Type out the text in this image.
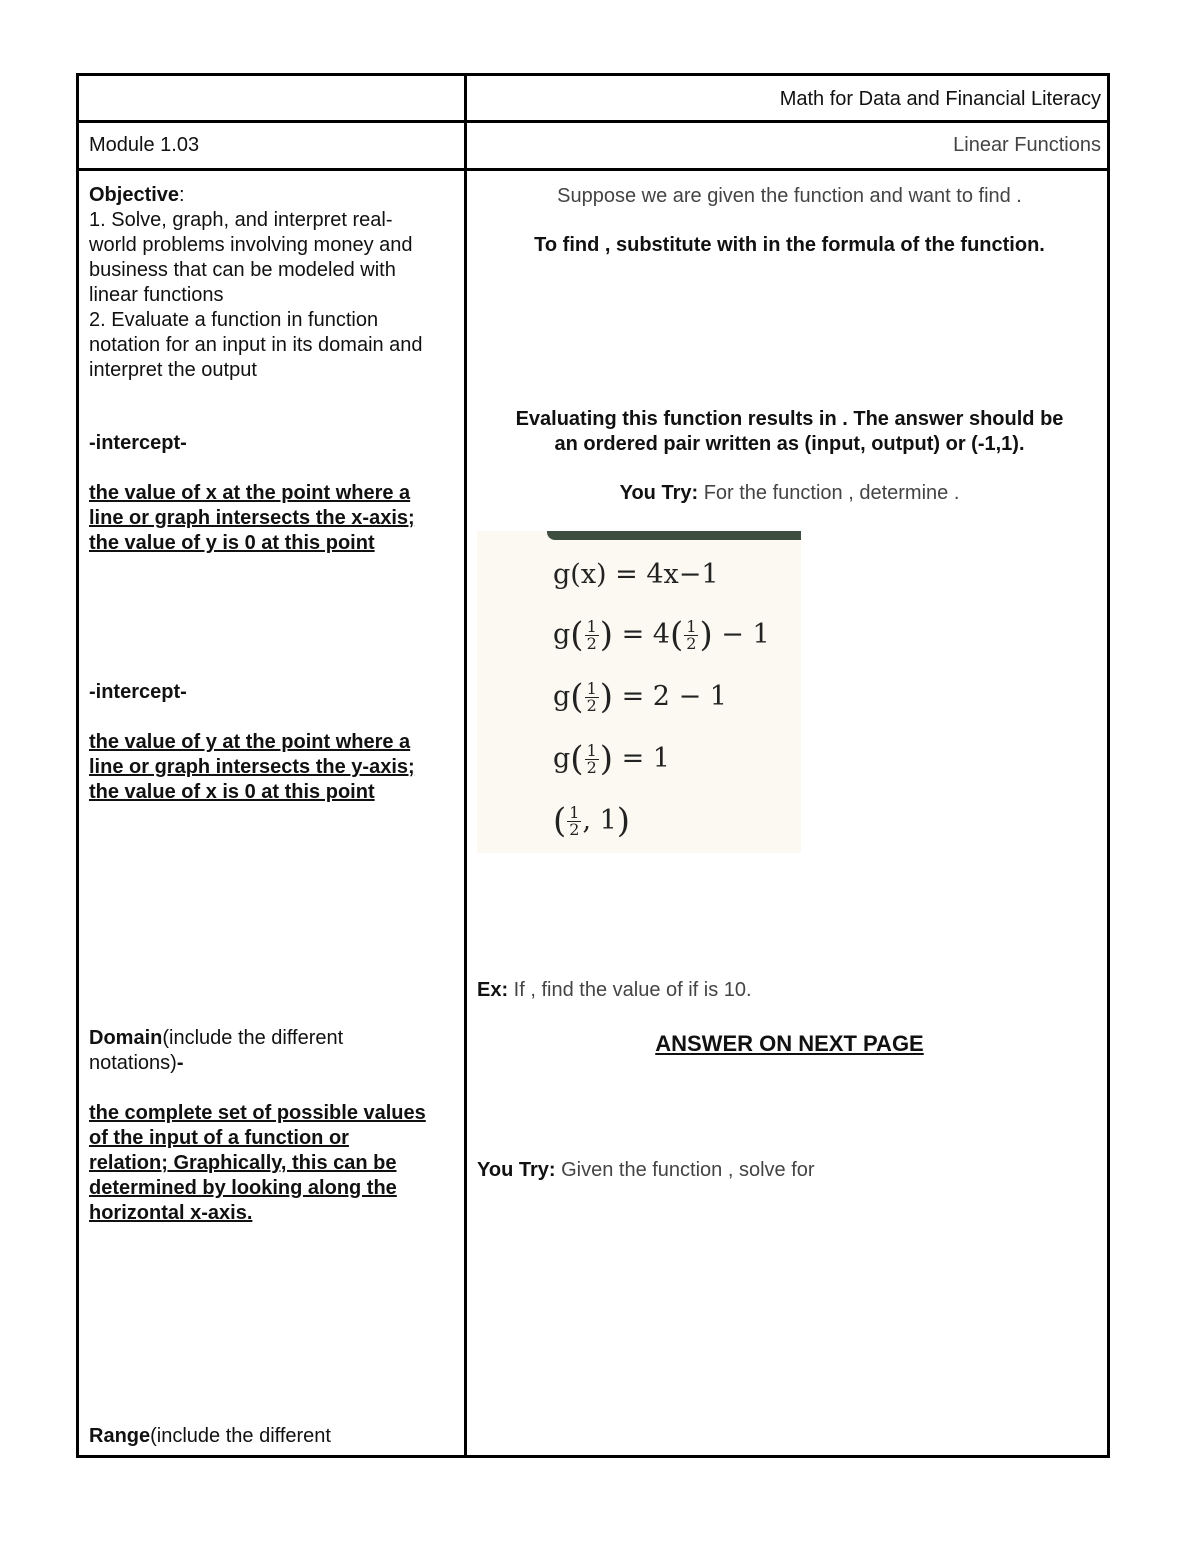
Math for Data and Financial Literacy
Module 1.03	Linear Functions
Objective:
1. Solve, graph, and interpret real-
world problems involving money and
business that can be modeled with
linear functions
2. Evaluate a function in function
notation for an input in its domain and
interpret the output
-intercept-
the value of x at the point where a
line or graph intersects the x-axis;
the value of y is 0 at this point
-intercept-
the value of y at the point where a
line or graph intersects the y-axis;
the value of x is 0 at this point
Domain(include the different
notations)-
the complete set of possible values
of the input of a function or
relation; Graphically, this can be
determined by looking along the
horizontal x-axis.
Range(include the different
Suppose we are given the function and want to find .
To find , substitute with in the formula of the function.
Evaluating this function results in . The answer should be
an ordered pair written as (input, output) or (-1,1).
You Try: For the function , determine .
g(x) = 4x−1
$g( \frac{1}{2}$ ) = $4( \frac{1}{2}$ ) − 1
$g( \frac{1}{2}$ ) = 2 − 1
$g( \frac{1}{2}$ ) = 1
( $\frac{1}{2}$ , 1)
Ex: If , find the value of if is 10.
ANSWER ON NEXT PAGE
You Try: Given the function , solve for
